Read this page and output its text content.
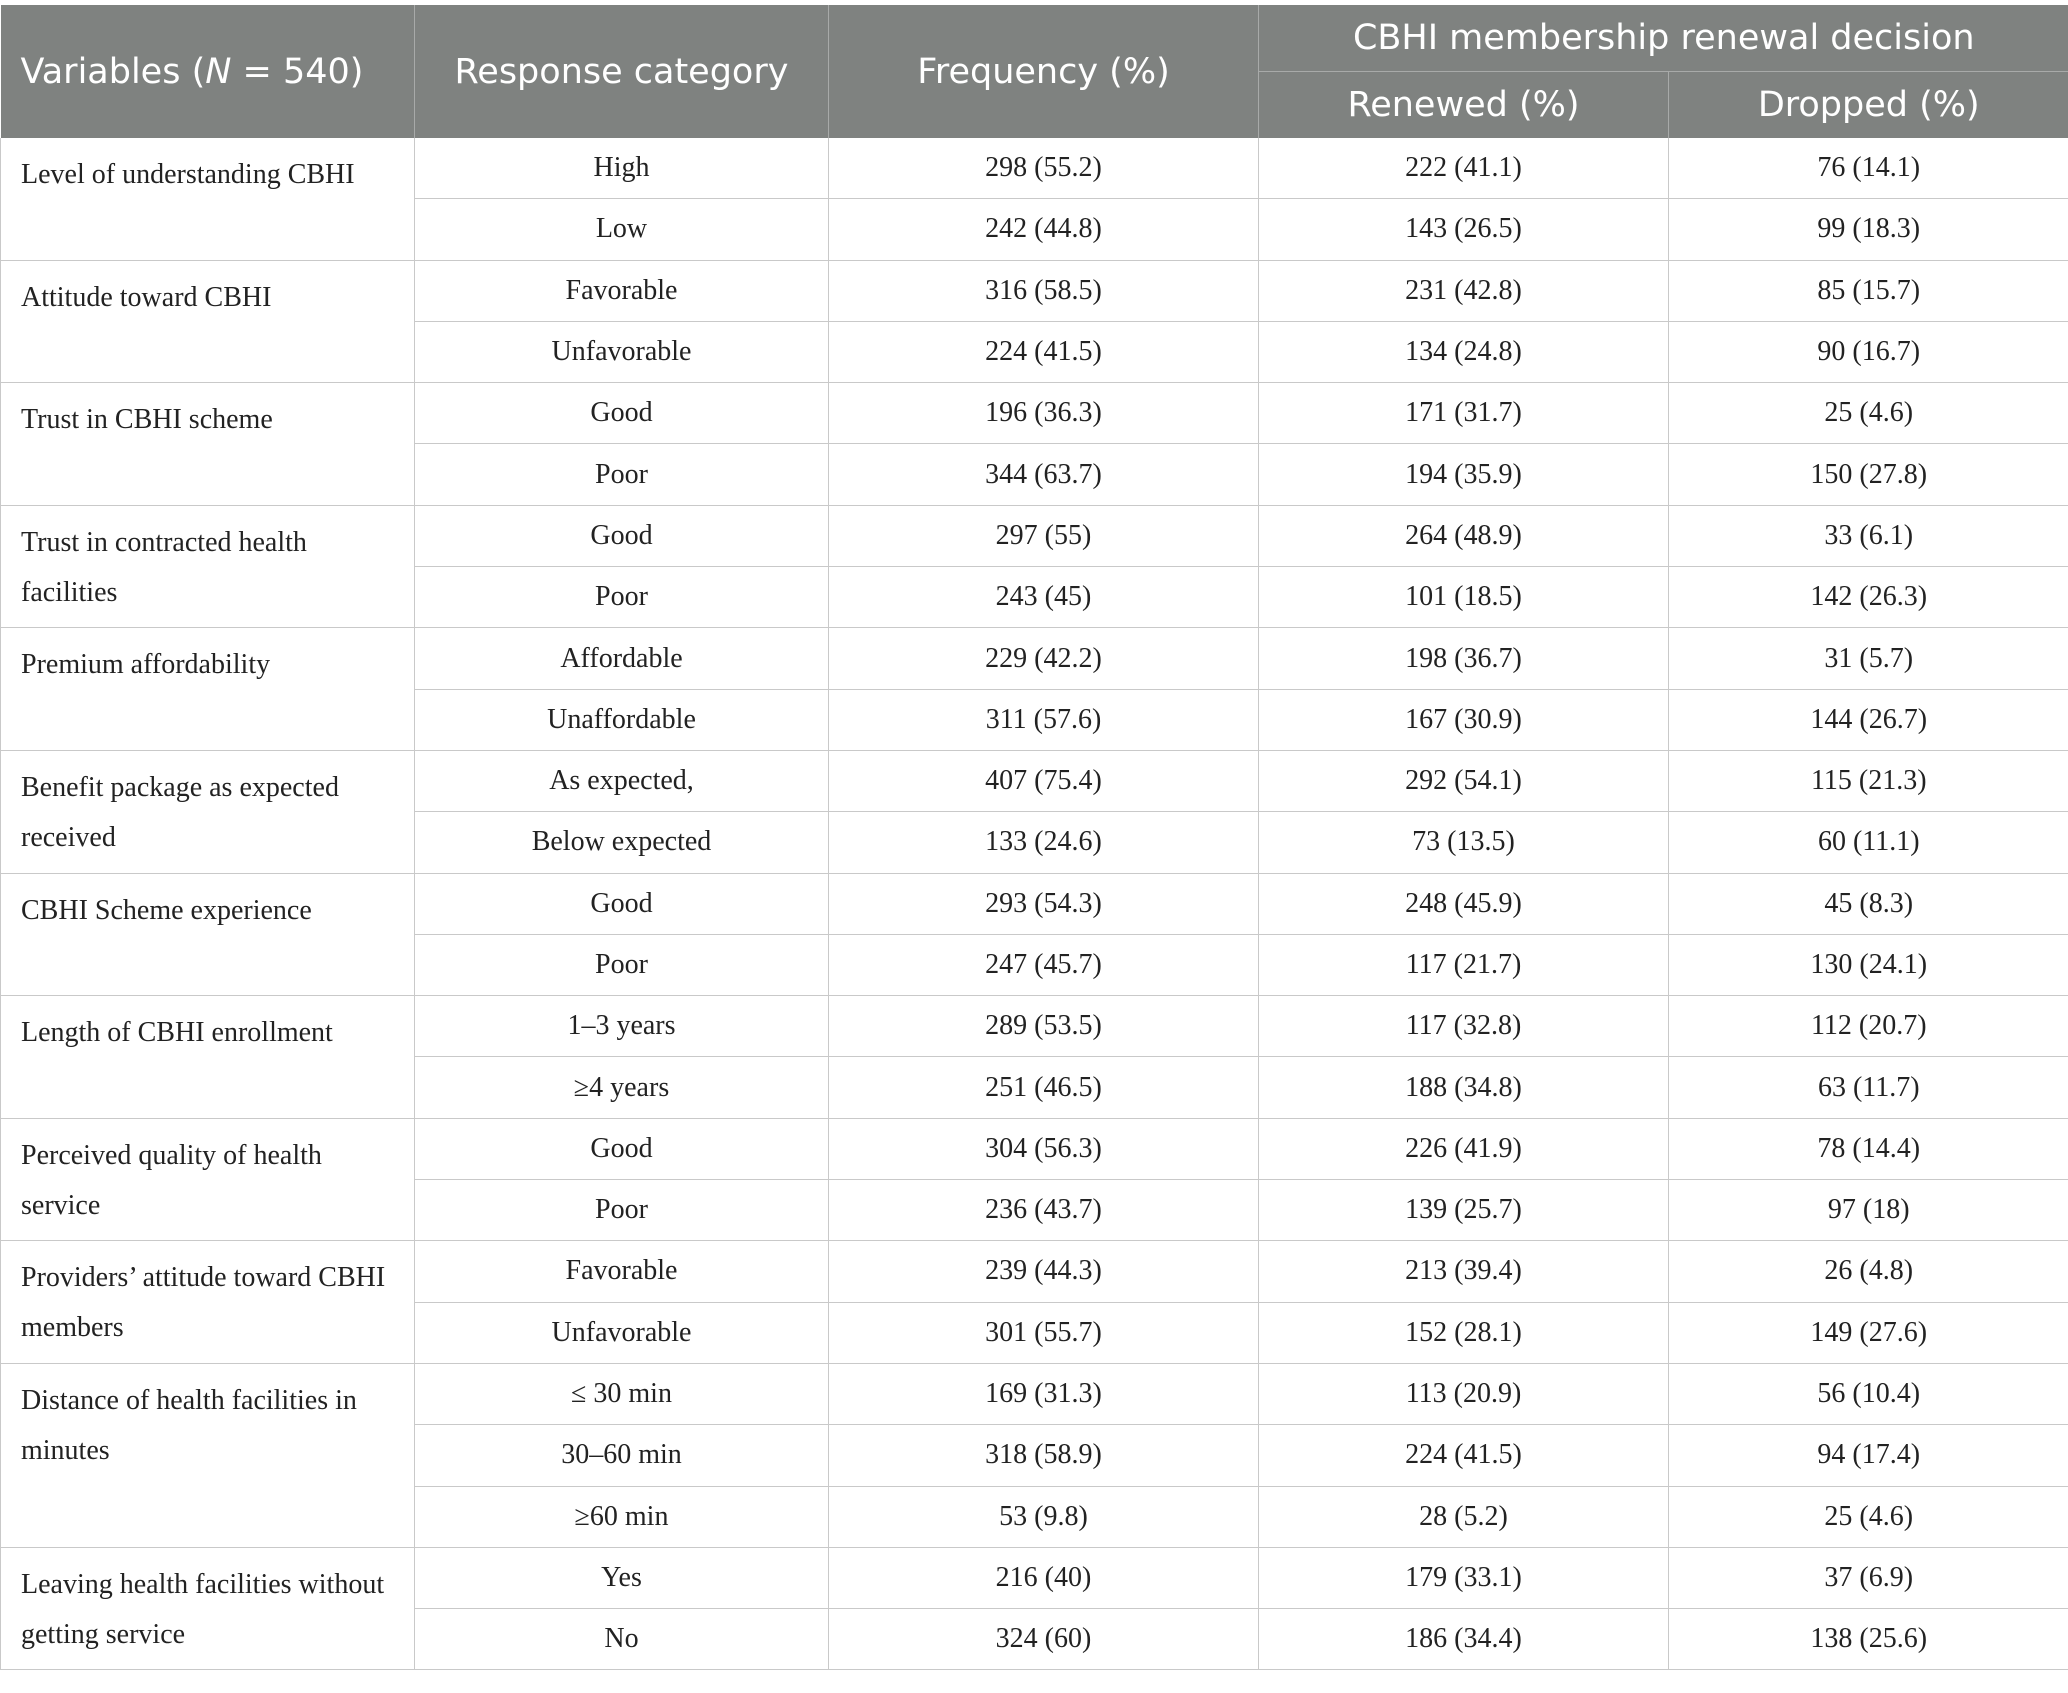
Variables (N = 540)	Response category	Frequency (%)	CBHI membership renewal decision	
			Renewed (%)	Dropped (%)
Level of understanding CBHI	High	298 (55.2)	222 (41.1)	76 (14.1)
	Low	242 (44.8)	143 (26.5)	99 (18.3)
Attitude toward CBHI	Favorable	316 (58.5)	231 (42.8)	85 (15.7)
	Unfavorable	224 (41.5)	134 (24.8)	90 (16.7)
Trust in CBHI scheme	Good	196 (36.3)	171 (31.7)	25 (4.6)
	Poor	344 (63.7)	194 (35.9)	150 (27.8)
Trust in contracted health facilities	Good	297 (55)	264 (48.9)	33 (6.1)
	Poor	243 (45)	101 (18.5)	142 (26.3)
Premium affordability	Affordable	229 (42.2)	198 (36.7)	31 (5.7)
	Unaffordable	311 (57.6)	167 (30.9)	144 (26.7)
Benefit package as expected received	As expected,	407 (75.4)	292 (54.1)	115 (21.3)
	Below expected	133 (24.6)	73 (13.5)	60 (11.1)
CBHI Scheme experience	Good	293 (54.3)	248 (45.9)	45 (8.3)
	Poor	247 (45.7)	117 (21.7)	130 (24.1)
Length of CBHI enrollment	1–3 years	289 (53.5)	117 (32.8)	112 (20.7)
	≥4 years	251 (46.5)	188 (34.8)	63 (11.7)
Perceived quality of health service	Good	304 (56.3)	226 (41.9)	78 (14.4)
	Poor	236 (43.7)	139 (25.7)	97 (18)
Providers’ attitude toward CBHI members	Favorable	239 (44.3)	213 (39.4)	26 (4.8)
	Unfavorable	301 (55.7)	152 (28.1)	149 (27.6)
Distance of health facilities in minutes	≤ 30 min	169 (31.3)	113 (20.9)	56 (10.4)
	30–60 min	318 (58.9)	224 (41.5)	94 (17.4)
	≥60 min	53 (9.8)	28 (5.2)	25 (4.6)
Leaving health facilities without getting service	Yes	216 (40)	179 (33.1)	37 (6.9)
	No	324 (60)	186 (34.4)	138 (25.6)
